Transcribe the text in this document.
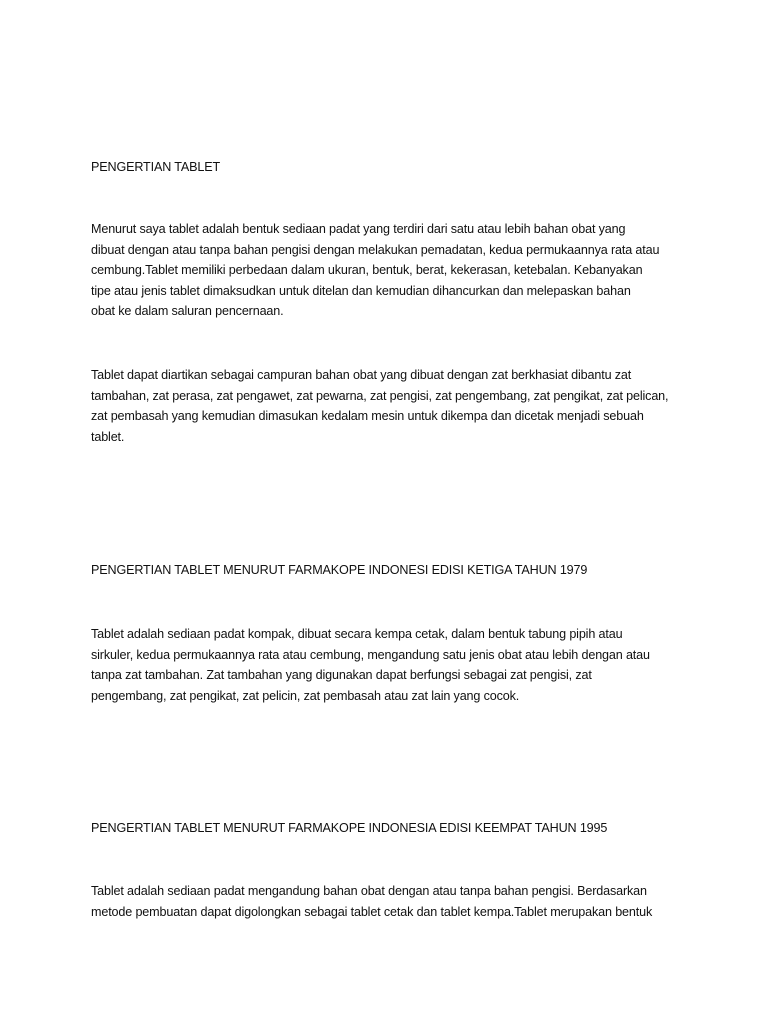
PENGERTIAN TABLET

Menurut saya tablet adalah bentuk sediaan padat yang terdiri dari satu atau lebih bahan obat yang
dibuat dengan atau tanpa bahan pengisi dengan melakukan pemadatan, kedua permukaannya rata atau
cembung.Tablet memiliki perbedaan dalam ukuran, bentuk, berat, kekerasan, ketebalan. Kebanyakan
tipe atau jenis tablet dimaksudkan untuk ditelan dan kemudian dihancurkan dan melepaskan bahan
obat ke dalam saluran pencernaan.

Tablet dapat diartikan sebagai campuran bahan obat yang dibuat dengan zat berkhasiat dibantu zat
tambahan, zat perasa, zat pengawet, zat pewarna, zat pengisi, zat pengembang, zat pengikat, zat pelican,
zat pembasah yang kemudian dimasukan kedalam mesin untuk dikempa dan dicetak menjadi sebuah
tablet.

PENGERTIAN TABLET MENURUT FARMAKOPE INDONESI EDISI KETIGA TAHUN 1979

Tablet adalah sediaan padat kompak, dibuat secara kempa cetak, dalam bentuk tabung pipih atau
sirkuler, kedua permukaannya rata atau cembung, mengandung satu jenis obat atau lebih dengan atau
tanpa zat tambahan. Zat tambahan yang digunakan dapat berfungsi sebagai zat pengisi, zat
pengembang, zat pengikat, zat pelicin, zat pembasah atau zat lain yang cocok.

PENGERTIAN TABLET MENURUT FARMAKOPE INDONESIA EDISI KEEMPAT TAHUN 1995

Tablet adalah sediaan padat mengandung bahan obat dengan atau tanpa bahan pengisi. Berdasarkan
metode pembuatan dapat digolongkan sebagai tablet cetak dan tablet kempa.Tablet merupakan bentuk
